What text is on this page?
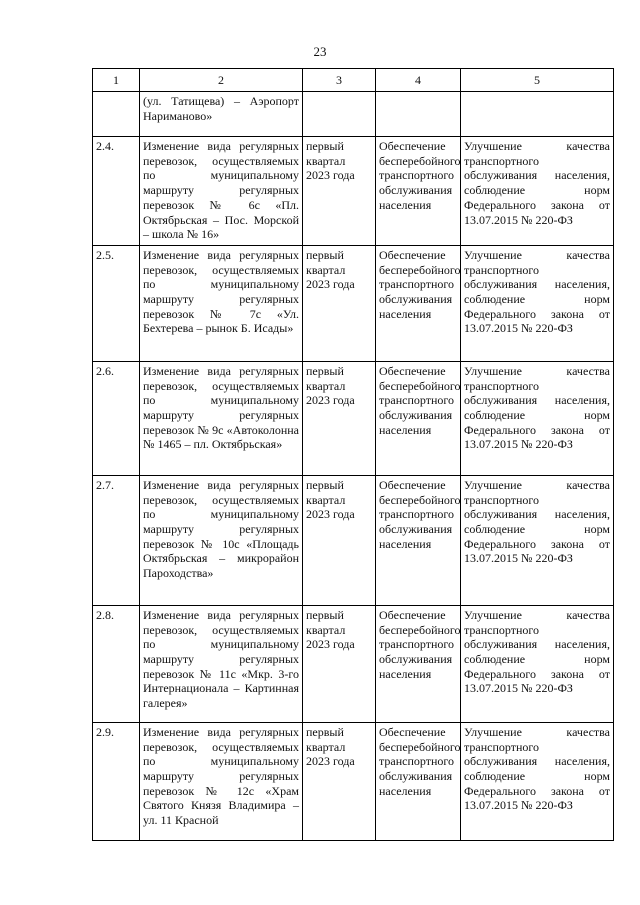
23
1	2	3	4	5
	(ул. Татищева) – Аэропорт Нариманово»			
2.4.	Изменение вида регулярных перевозок, осуществляемых по муниципальному маршруту регулярных перевозок № 6с «Пл. Октябрьская – Пос. Морской – школа № 16»	первый квартал 2023 года	Обеспечение бесперебойного транспортного обслуживания населения	Улучшение качества транспортного обслуживания населения, соблюдение норм Федерального закона от 13.07.2015 № 220-ФЗ
2.5.	Изменение вида регулярных перевозок, осуществляемых по муниципальному маршруту регулярных перевозок № 7с «Ул. Бехтерева – рынок Б. Исады»	первый квартал 2023 года	Обеспечение бесперебойного транспортного обслуживания населения	Улучшение качества транспортного обслуживания населения, соблюдение норм Федерального закона от 13.07.2015 № 220-ФЗ
2.6.	Изменение вида регулярных перевозок, осуществляемых по муниципальному маршруту регулярных перевозок № 9с «Автоколонна № 1465 – пл. Октябрьская»	первый квартал 2023 года	Обеспечение бесперебойного транспортного обслуживания населения	Улучшение качества транспортного обслуживания населения, соблюдение норм Федерального закона от 13.07.2015 № 220-ФЗ
2.7.	Изменение вида регулярных перевозок, осуществляемых по муниципальному маршруту регулярных перевозок № 10с «Площадь Октябрьская – микрорайон Пароходства»	первый квартал 2023 года	Обеспечение бесперебойного транспортного обслуживания населения	Улучшение качества транспортного обслуживания населения, соблюдение норм Федерального закона от 13.07.2015 № 220-ФЗ
2.8.	Изменение вида регулярных перевозок, осуществляемых по муниципальному маршруту регулярных перевозок № 11с «Мкр. 3-го Интернационала – Картинная галерея»	первый квартал 2023 года	Обеспечение бесперебойного транспортного обслуживания населения	Улучшение качества транспортного обслуживания населения, соблюдение норм Федерального закона от 13.07.2015 № 220-ФЗ
2.9.	Изменение вида регулярных перевозок, осуществляемых по муниципальному маршруту регулярных перевозок № 12с «Храм Святого Князя Владимира – ул. 11 Красной	первый квартал 2023 года	Обеспечение бесперебойного транспортного обслуживания населения	Улучшение качества транспортного обслуживания населения, соблюдение норм Федерального закона от 13.07.2015 № 220-ФЗ
